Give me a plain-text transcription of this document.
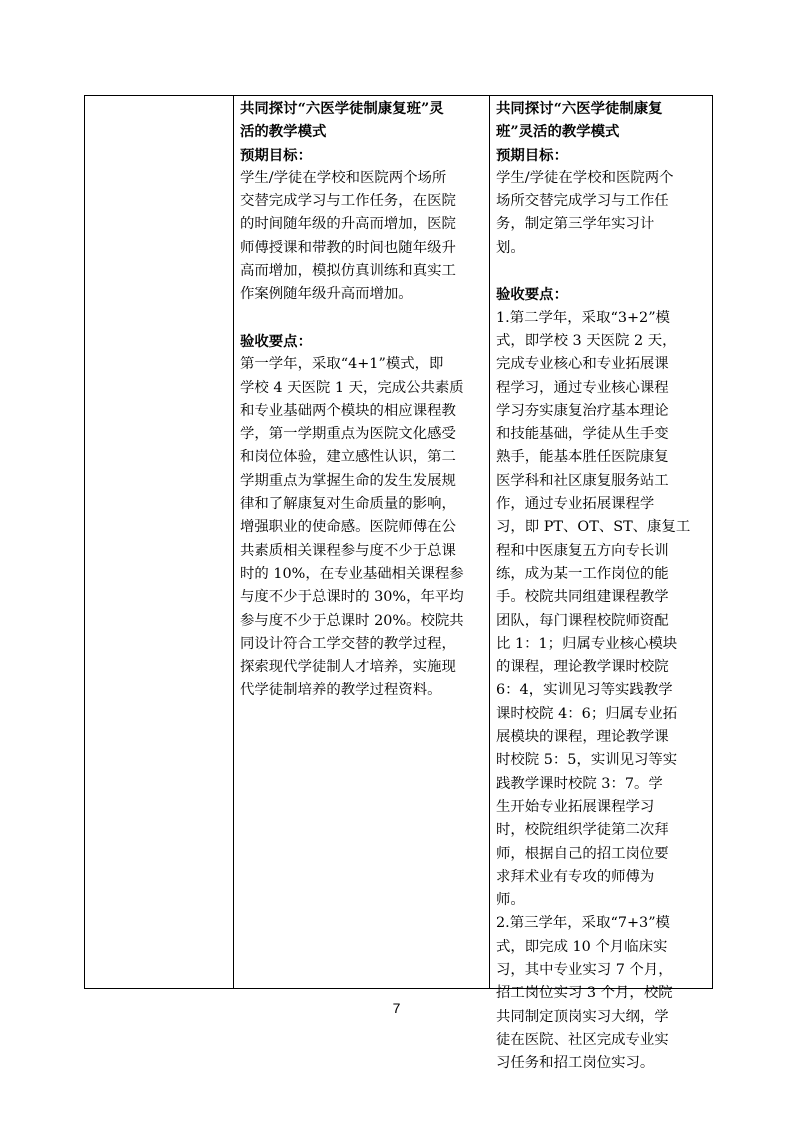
共同探讨“六医学徒制康复班”灵
活的教学模式

预期目标：

学生/学徒在学校和医院两个场所
交替完成学习与工作任务，在医院
的时间随年级的升高而增加，医院
师傅授课和带教的时间也随年级升
高而增加，模拟仿真训练和真实工
作案例随年级升高而增加。

验收要点：

第一学年，采取“4+1”模式，即
学校 4 天医院 1 天，完成公共素质
和专业基础两个模块的相应课程教
学，第一学期重点为医院文化感受
和岗位体验，建立感性认识，第二
学期重点为掌握生命的发生发展规
律和了解康复对生命质量的影响，
增强职业的使命感。医院师傅在公
共素质相关课程参与度不少于总课
时的 10%，在专业基础相关课程参
与度不少于总课时的 30%，年平均
参与度不少于总课时 20%。校院共
同设计符合工学交替的教学过程，
探索现代学徒制人才培养，实施现
代学徒制培养的教学过程资料。

共同探讨“六医学徒制康复
班”灵活的教学模式

预期目标：

学生/学徒在学校和医院两个
场所交替完成学习与工作任
务，制定第三学年实习计
划。

验收要点：

1.第二学年，采取“3+2”模
式，即学校 3 天医院 2 天，
完成专业核心和专业拓展课
程学习，通过专业核心课程
学习夯实康复治疗基本理论
和技能基础，学徒从生手变
熟手，能基本胜任医院康复
医学科和社区康复服务站工
作，通过专业拓展课程学
习，即 PT、OT、ST、康复工
程和中医康复五方向专长训
练，成为某一工作岗位的能
手。校院共同组建课程教学
团队，每门课程校院师资配
比 1：1；归属专业核心模块
的课程，理论教学课时校院
6：4，实训见习等实践教学
课时校院 4：6；归属专业拓
展模块的课程，理论教学课
时校院 5：5，实训见习等实
践教学课时校院 3：7。学
生开始专业拓展课程学习
时，校院组织学徒第二次拜
师，根据自己的招工岗位要
求拜术业有专攻的师傅为
师。

2.第三学年，采取“7+3”模
式，即完成 10 个月临床实
习，其中专业实习 7 个月，
招工岗位实习 3 个月，校院
共同制定顶岗实习大纲，学
徒在医院、社区完成专业实
习任务和招工岗位实习。

7
